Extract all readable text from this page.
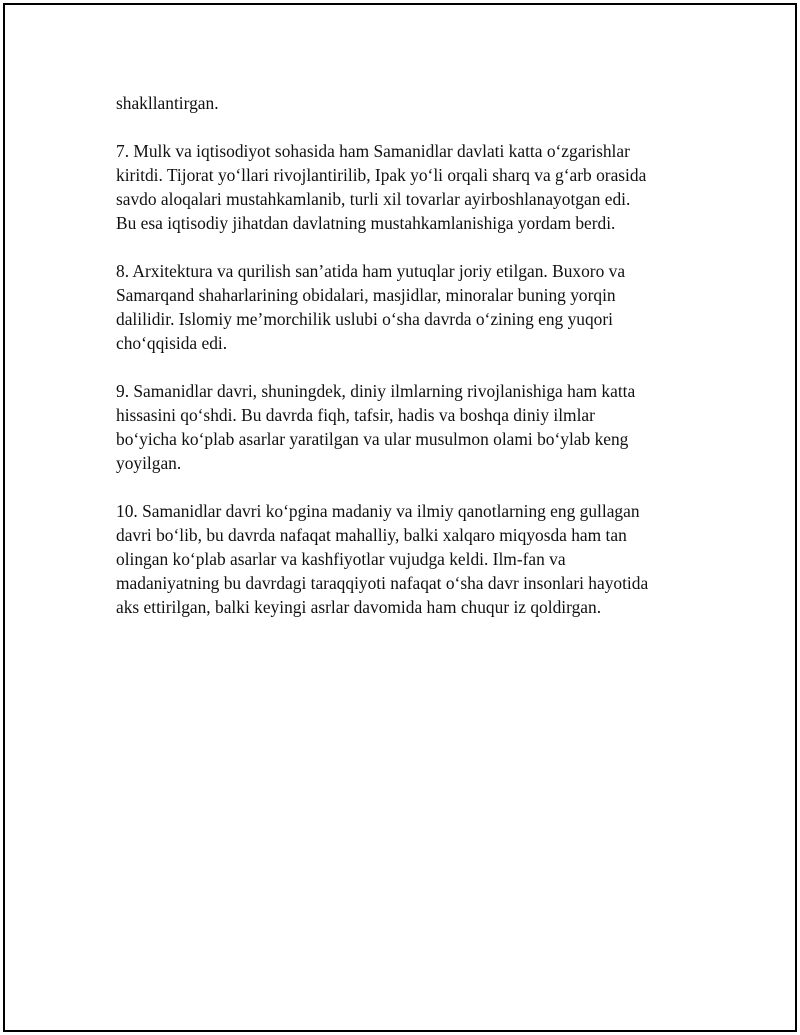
shakllantirgan.

7. Mulk va iqtisodiyot sohasida ham Samanidlar davlati katta o‘zgarishlar
kiritdi. Tijorat yo‘llari rivojlantirilib, Ipak yo‘li orqali sharq va g‘arb orasida
savdo aloqalari mustahkamlanib, turli xil tovarlar ayirboshlanayotgan edi.
Bu esa iqtisodiy jihatdan davlatning mustahkamlanishiga yordam berdi.

8. Arxitektura va qurilish san’atida ham yutuqlar joriy etilgan. Buxoro va
Samarqand shaharlarining obidalari, masjidlar, minoralar buning yorqin
dalilidir. Islomiy me’morchilik uslubi o‘sha davrda o‘zining eng yuqori
cho‘qqisida edi.

9. Samanidlar davri, shuningdek, diniy ilmlarning rivojlanishiga ham katta
hissasini qo‘shdi. Bu davrda fiqh, tafsir, hadis va boshqa diniy ilmlar
bo‘yicha ko‘plab asarlar yaratilgan va ular musulmon olami bo‘ylab keng
yoyilgan.

10. Samanidlar davri ko‘pgina madaniy va ilmiy qanotlarning eng gullagan
davri bo‘lib, bu davrda nafaqat mahalliy, balki xalqaro miqyosda ham tan
olingan ko‘plab asarlar va kashfiyotlar vujudga keldi. Ilm-fan va
madaniyatning bu davrdagi taraqqiyoti nafaqat o‘sha davr insonlari hayotida
aks ettirilgan, balki keyingi asrlar davomida ham chuqur iz qoldirgan.
